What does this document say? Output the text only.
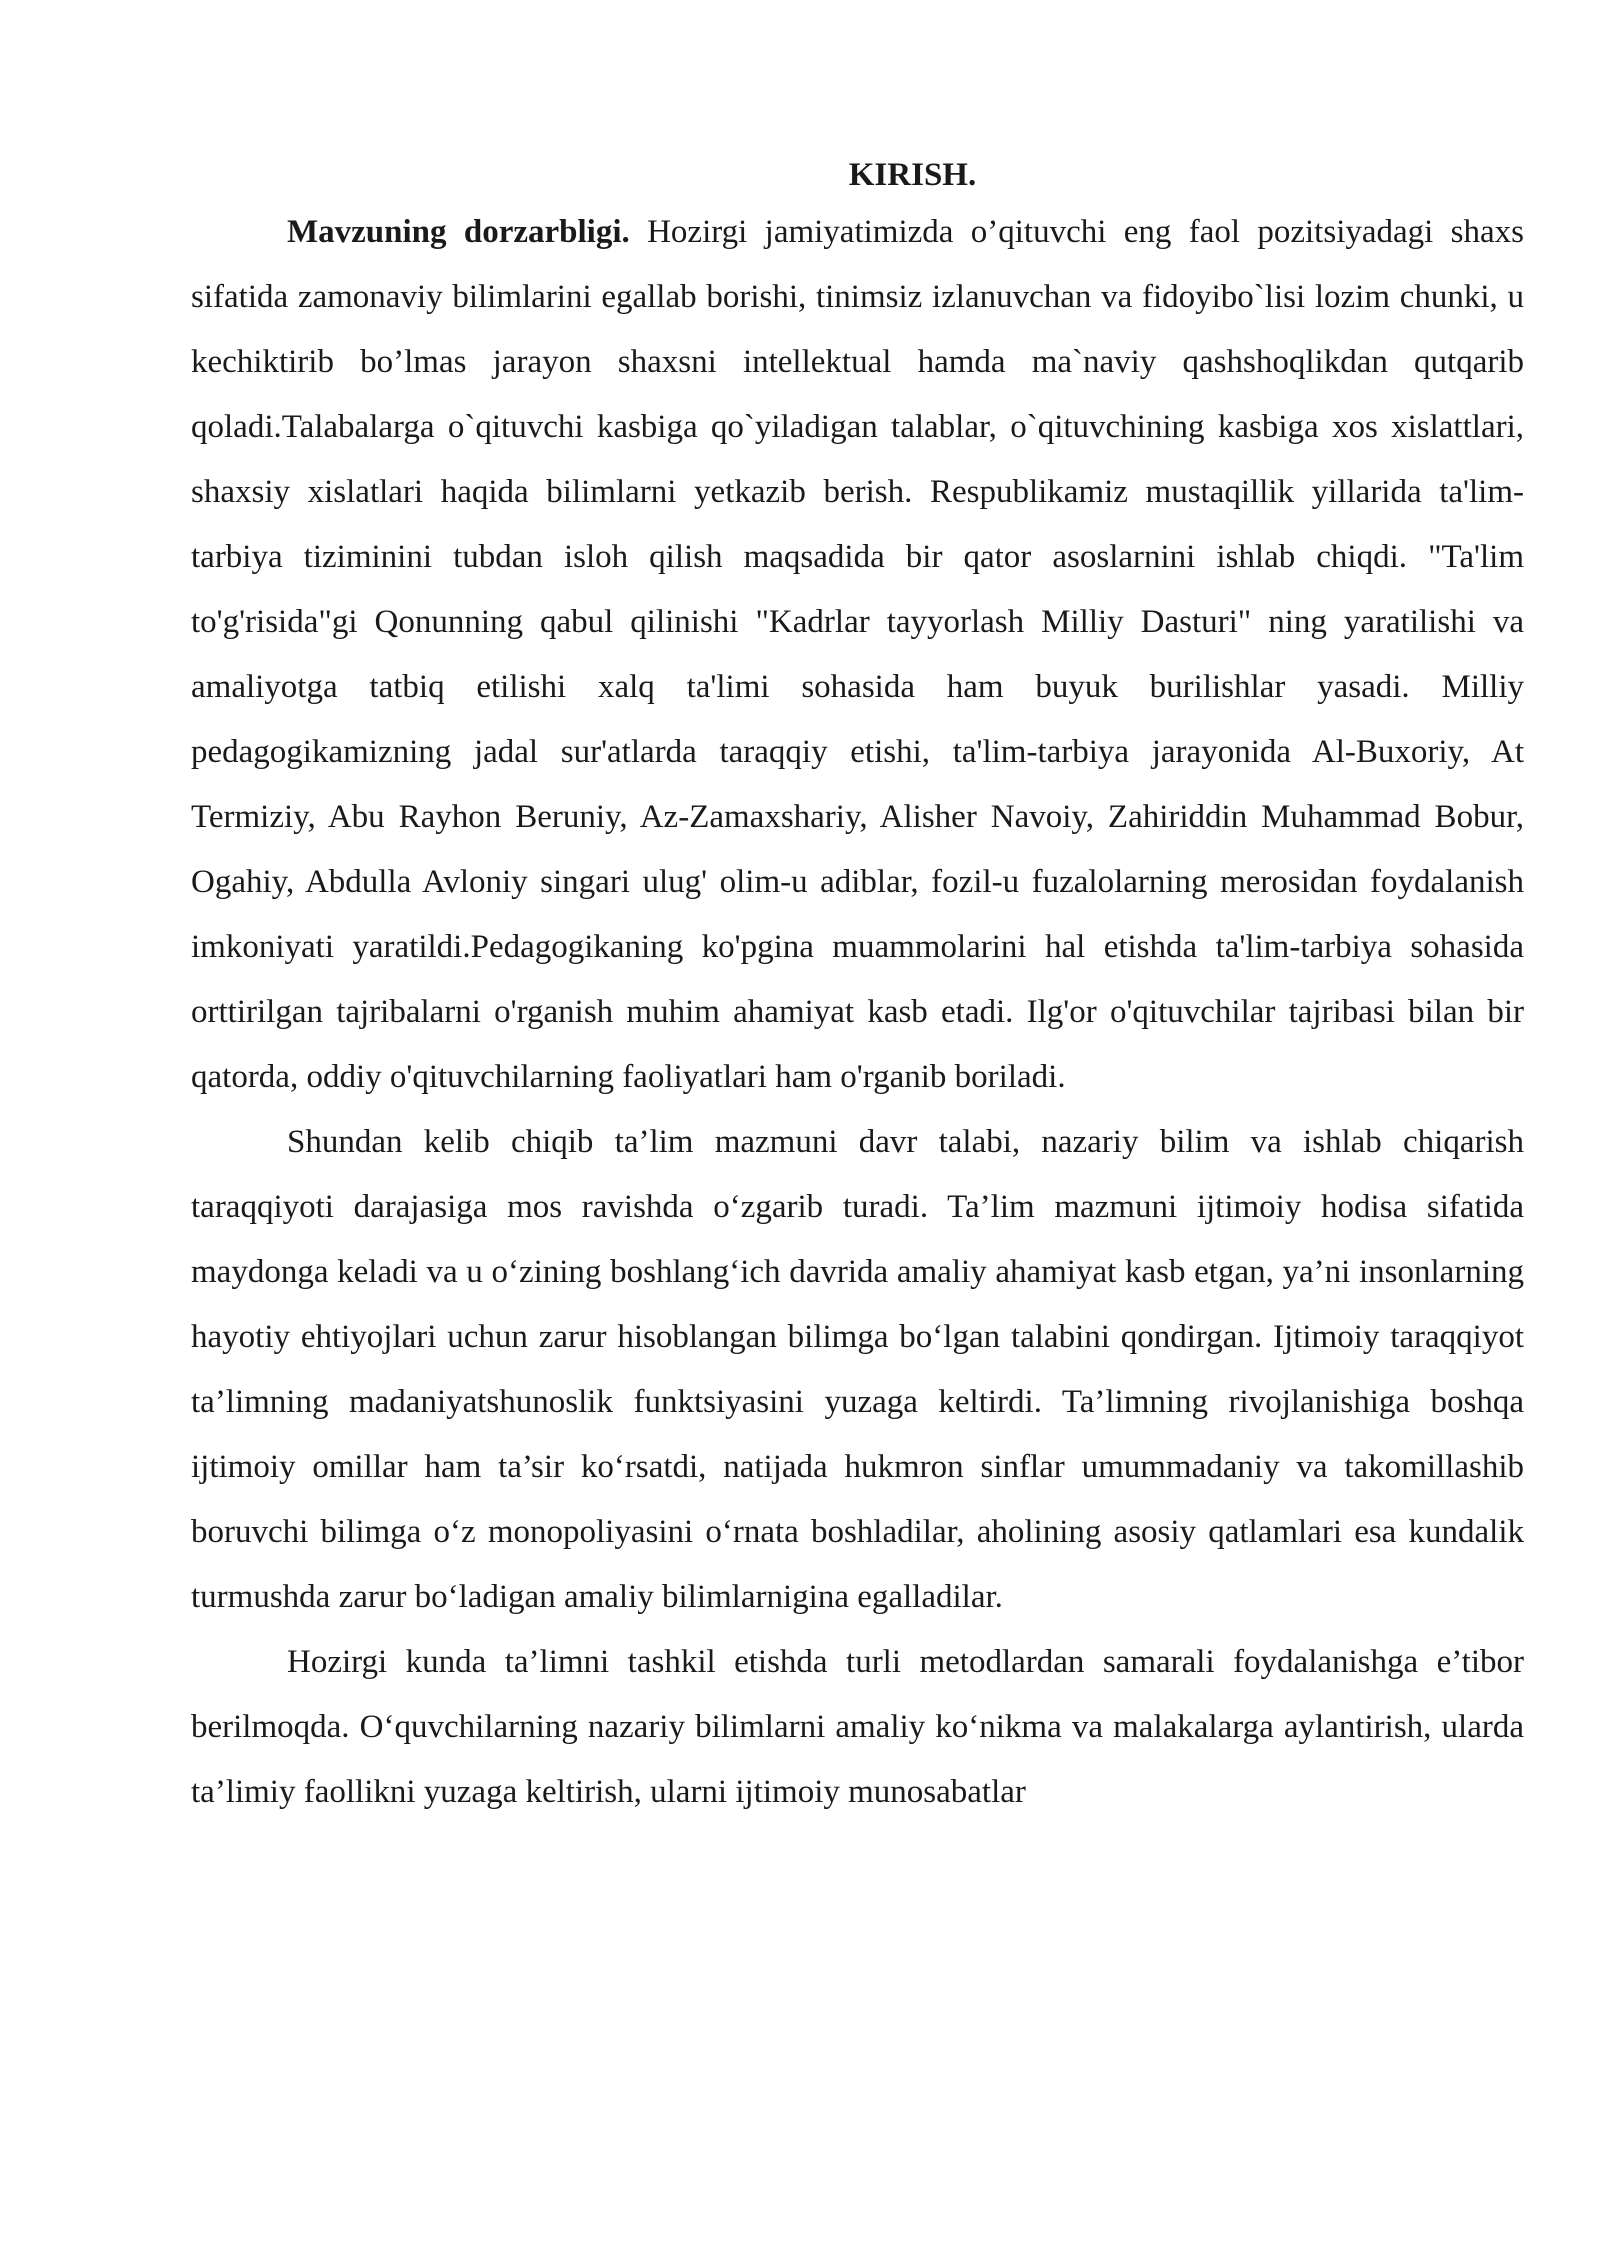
KIRISH.

Mavzuning dorzarbligi. Hozirgi jamiyatimizda o’qituvchi eng faol pozitsiyadagi shaxs sifatida zamonaviy bilimlarini egallab borishi, tinimsiz izlanuvchan va fidoyibo`lisi lozim chunki, u kechiktirib bo’lmas jarayon shaxsni intellektual hamda ma`naviy qashshoqlikdan qutqarib qoladi.Talabalarga o`qituvchi kasbiga qo`yiladigan talablar, o`qituvchining kasbiga xos xislattlari, shaxsiy xislatlari haqida bilimlarni yetkazib berish. Respublikamiz mustaqillik yillarida ta'lim-tarbiya tiziminini tubdan isloh qilish maqsadida bir qator asoslarnini ishlab chiqdi. "Ta'lim to'g'risida"gi Qonunning qabul qilinishi "Kadrlar tayyorlash Milliy Dasturi" ning yaratilishi va amaliyotga tatbiq etilishi xalq ta'limi sohasida ham buyuk burilishlar yasadi. Milliy pedagogikamizning jadal sur'atlarda taraqqiy etishi, ta'lim-tarbiya jarayonida Al-Buxoriy, At Termiziy, Abu Rayhon Beruniy, Az-Zamaxshariy, Alisher Navoiy, Zahiriddin Muhammad Bobur, Ogahiy, Abdulla Avloniy singari ulug' olim-u adiblar, fozil-u fuzalolarning merosidan foydalanish imkoniyati yaratildi.Pedagogikaning ko'pgina muammolarini hal etishda ta'lim-tarbiya sohasida orttirilgan tajribalarni o'rganish muhim ahamiyat kasb etadi. Ilg'or o'qituvchilar tajribasi bilan bir qatorda, oddiy o'qituvchilarning faoliyatlari ham o'rganib boriladi.

Shundan kelib chiqib ta’lim mazmuni davr talabi, nazariy bilim va ishlab chiqarish taraqqiyoti darajasiga mos ravishda o‘zgarib turadi. Ta’lim mazmuni ijtimoiy hodisa sifatida maydonga keladi va u o‘zining boshlang‘ich davrida amaliy ahamiyat kasb etgan, ya’ni insonlarning hayotiy ehtiyojlari uchun zarur hisoblangan bilimga bo‘lgan talabini qondirgan. Ijtimoiy taraqqiyot ta’limning madaniyatshunoslik funktsiyasini yuzaga keltirdi. Ta’limning rivojlanishiga boshqa ijtimoiy omillar ham ta’sir ko‘rsatdi, natijada hukmron sinflar umummadaniy va takomillashib boruvchi bilimga o‘z monopoliyasini o‘rnata boshladilar, aholining asosiy qatlamlari esa kundalik turmushda zarur bo‘ladigan amaliy bilimlarnigina egalladilar.

Hozirgi kunda ta’limni tashkil etishda turli metodlardan samarali foydalanishga e’tibor berilmoqda. O‘quvchilarning nazariy bilimlarni amaliy ko‘nikma va malakalarga aylantirish, ularda ta’limiy faollikni yuzaga keltirish, ularni ijtimoiy munosabatlar
